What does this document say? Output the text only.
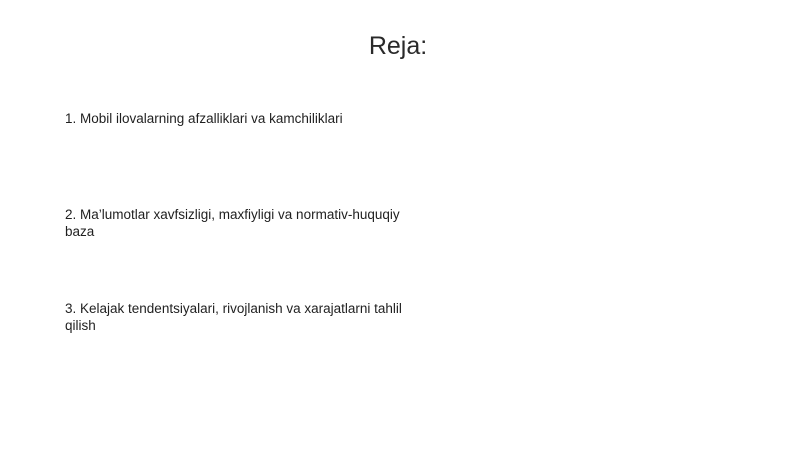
Reja:

1. Mobil ilovalarning afzalliklari va kamchiliklari

2. Ma’lumotlar xavfsizligi, maxfiyligi va normativ-huquqiy baza

3. Kelajak tendentsiyalari, rivojlanish va xarajatlarni tahlil qilish
